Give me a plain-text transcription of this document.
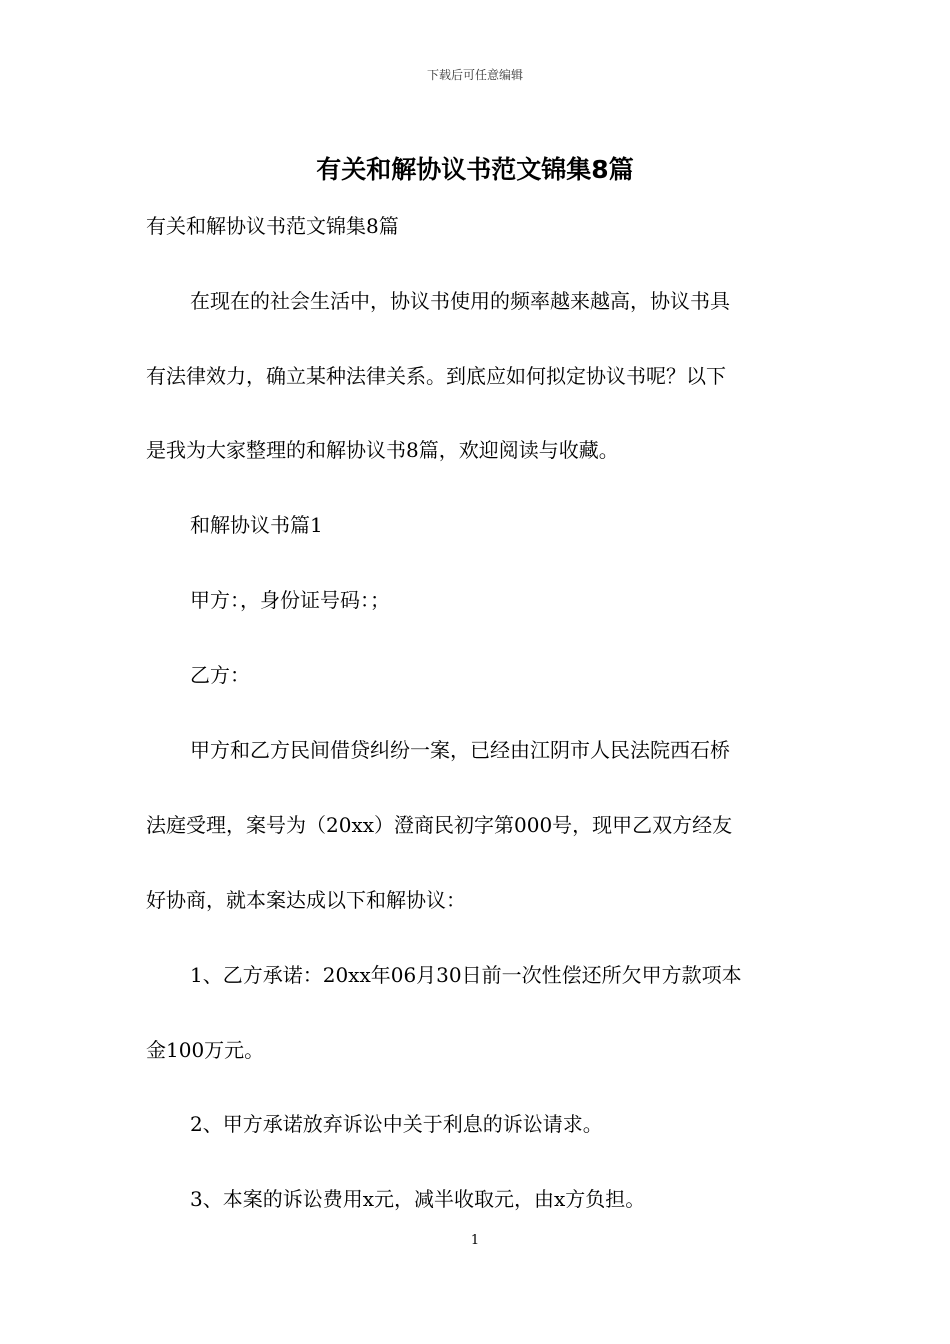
下载后可任意编辑
有关和解协议书范文锦集8篇
有关和解协议书范文锦集8篇
在现在的社会生活中，协议书使用的频率越来越高，协议书具
有法律效力，确立某种法律关系。到底应如何拟定协议书呢？以下
是我为大家整理的和解协议书8篇，欢迎阅读与收藏。
和解协议书篇1
甲方：，身份证号码：；
乙方：
甲方和乙方民间借贷纠纷一案，已经由江阴市人民法院西石桥
法庭受理，案号为（20xx）澄商民初字第000号，现甲乙双方经友
好协商，就本案达成以下和解协议：
1、乙方承诺：20xx年06月30日前一次性偿还所欠甲方款项本
金100万元。
2、甲方承诺放弃诉讼中关于利息的诉讼请求。
3、本案的诉讼费用x元，减半收取元，由x方负担。
1
